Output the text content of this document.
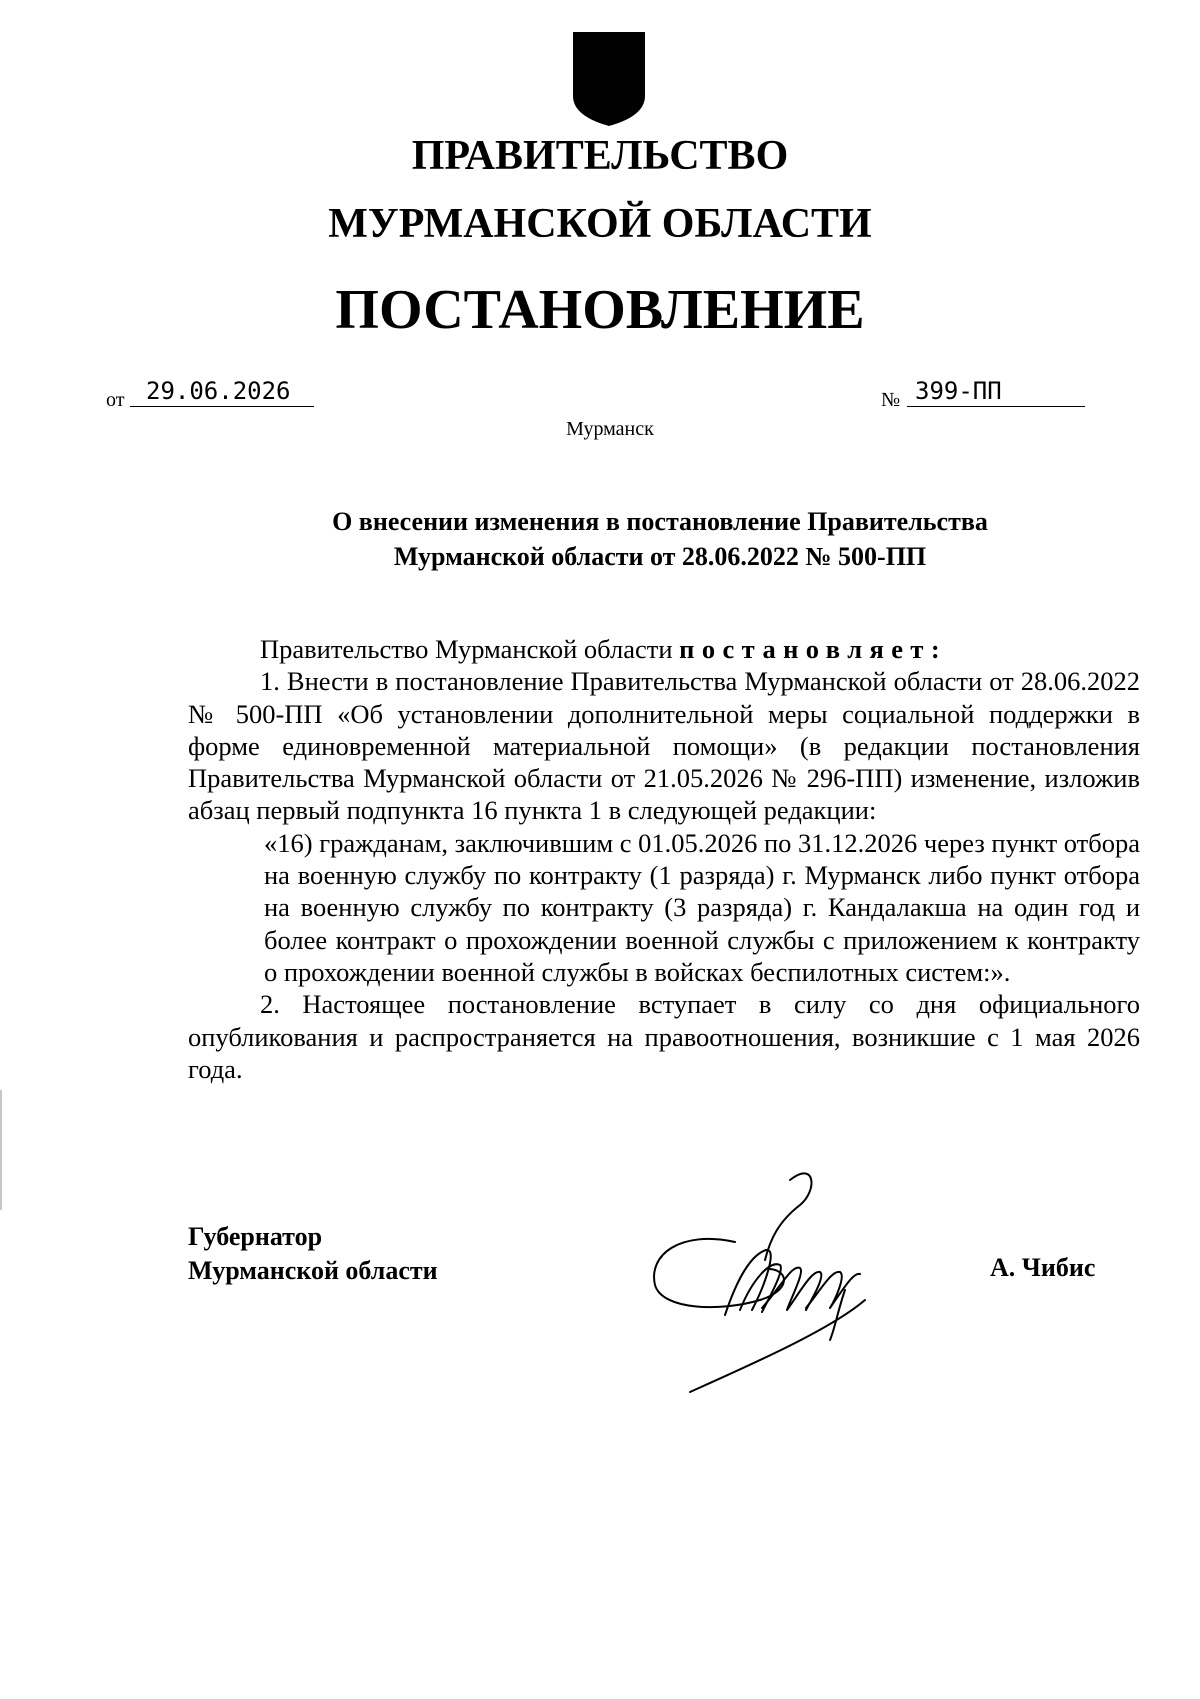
ПРАВИТЕЛЬСТВО
МУРМАНСКОЙ ОБЛАСТИ
ПОСТАНОВЛЕНИЕ
от 29.06.2026	№ 399-ПП
Мурманск
О внесении изменения в постановление Правительства
Мурманской области от 28.06.2022 № 500-ПП

Правительство Мурманской области постановляет:

1. Внести в постановление Правительства Мурманской области от 28.06.2022 № 500-ПП «Об установлении дополнительной меры социальной поддержки в форме единовременной материальной помощи» (в редакции постановления Правительства Мурманской области от 21.05.2026 № 296-ПП) изменение, изложив абзац первый подпункта 16 пункта 1 в следующей редакции:

«16) гражданам, заключившим с 01.05.2026 по 31.12.2026 через пункт отбора на военную службу по контракту (1 разряда) г. Мурманск либо пункт отбора на военную службу по контракту (3 разряда) г. Кандалакша на один год и более контракт о прохождении военной службы с приложением к контракту о прохождении военной службы в войсках беспилотных систем:».

2. Настоящее постановление вступает в силу со дня официального опубликования и распространяется на правоотношения, возникшие с 1 мая 2026 года.

Губернатор
Мурманской области	А. Чибис
